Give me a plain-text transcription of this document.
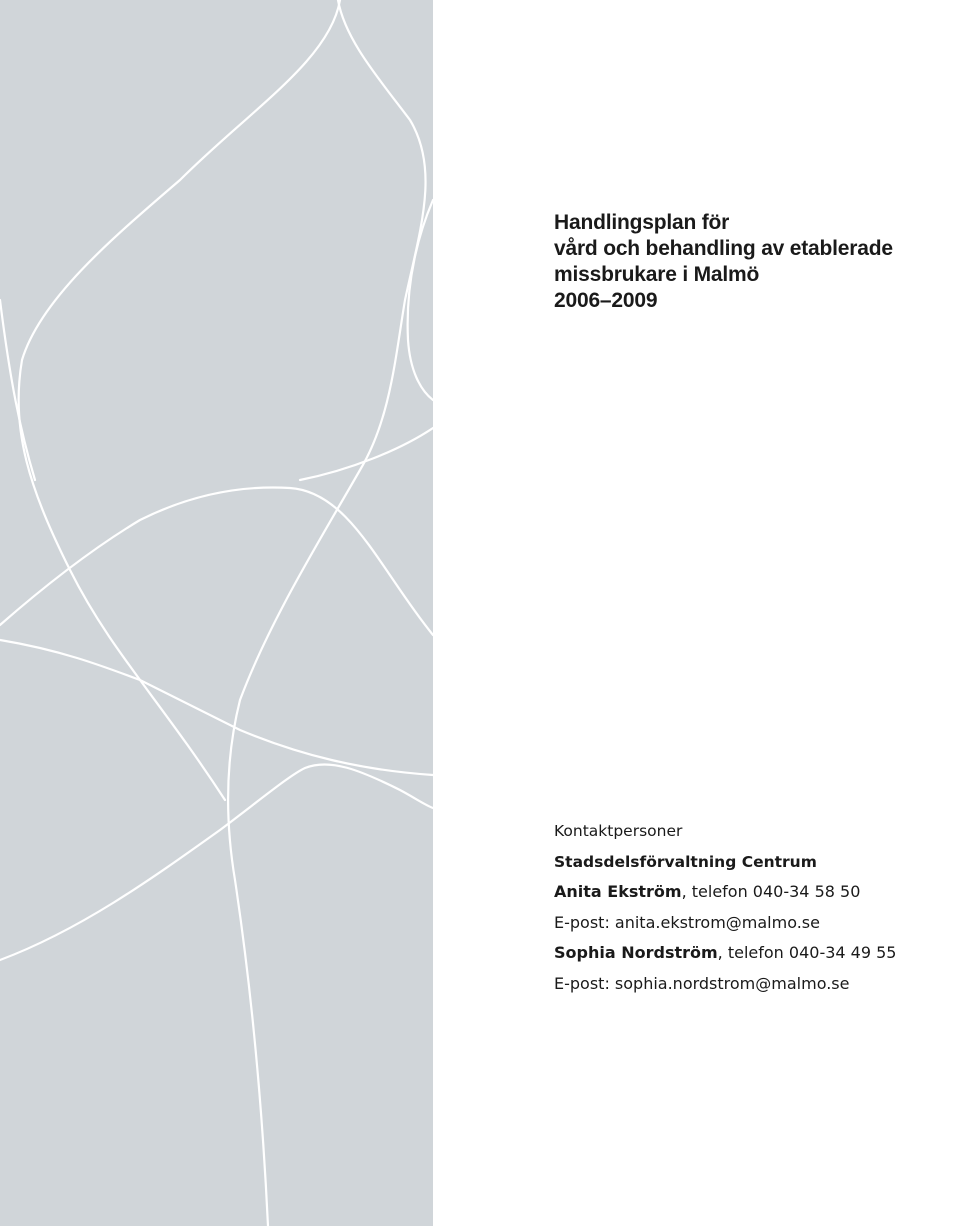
Handlingsplan för
vård och behandling av etablerade
missbrukare i Malmö
2006–2009
Kontaktpersoner
Stadsdelsförvaltning Centrum
Anita Ekström, telefon 040-34 58 50
E-post: anita.ekstrom@malmo.se
Sophia Nordström, telefon 040-34 49 55
E-post: sophia.nordstrom@malmo.se
